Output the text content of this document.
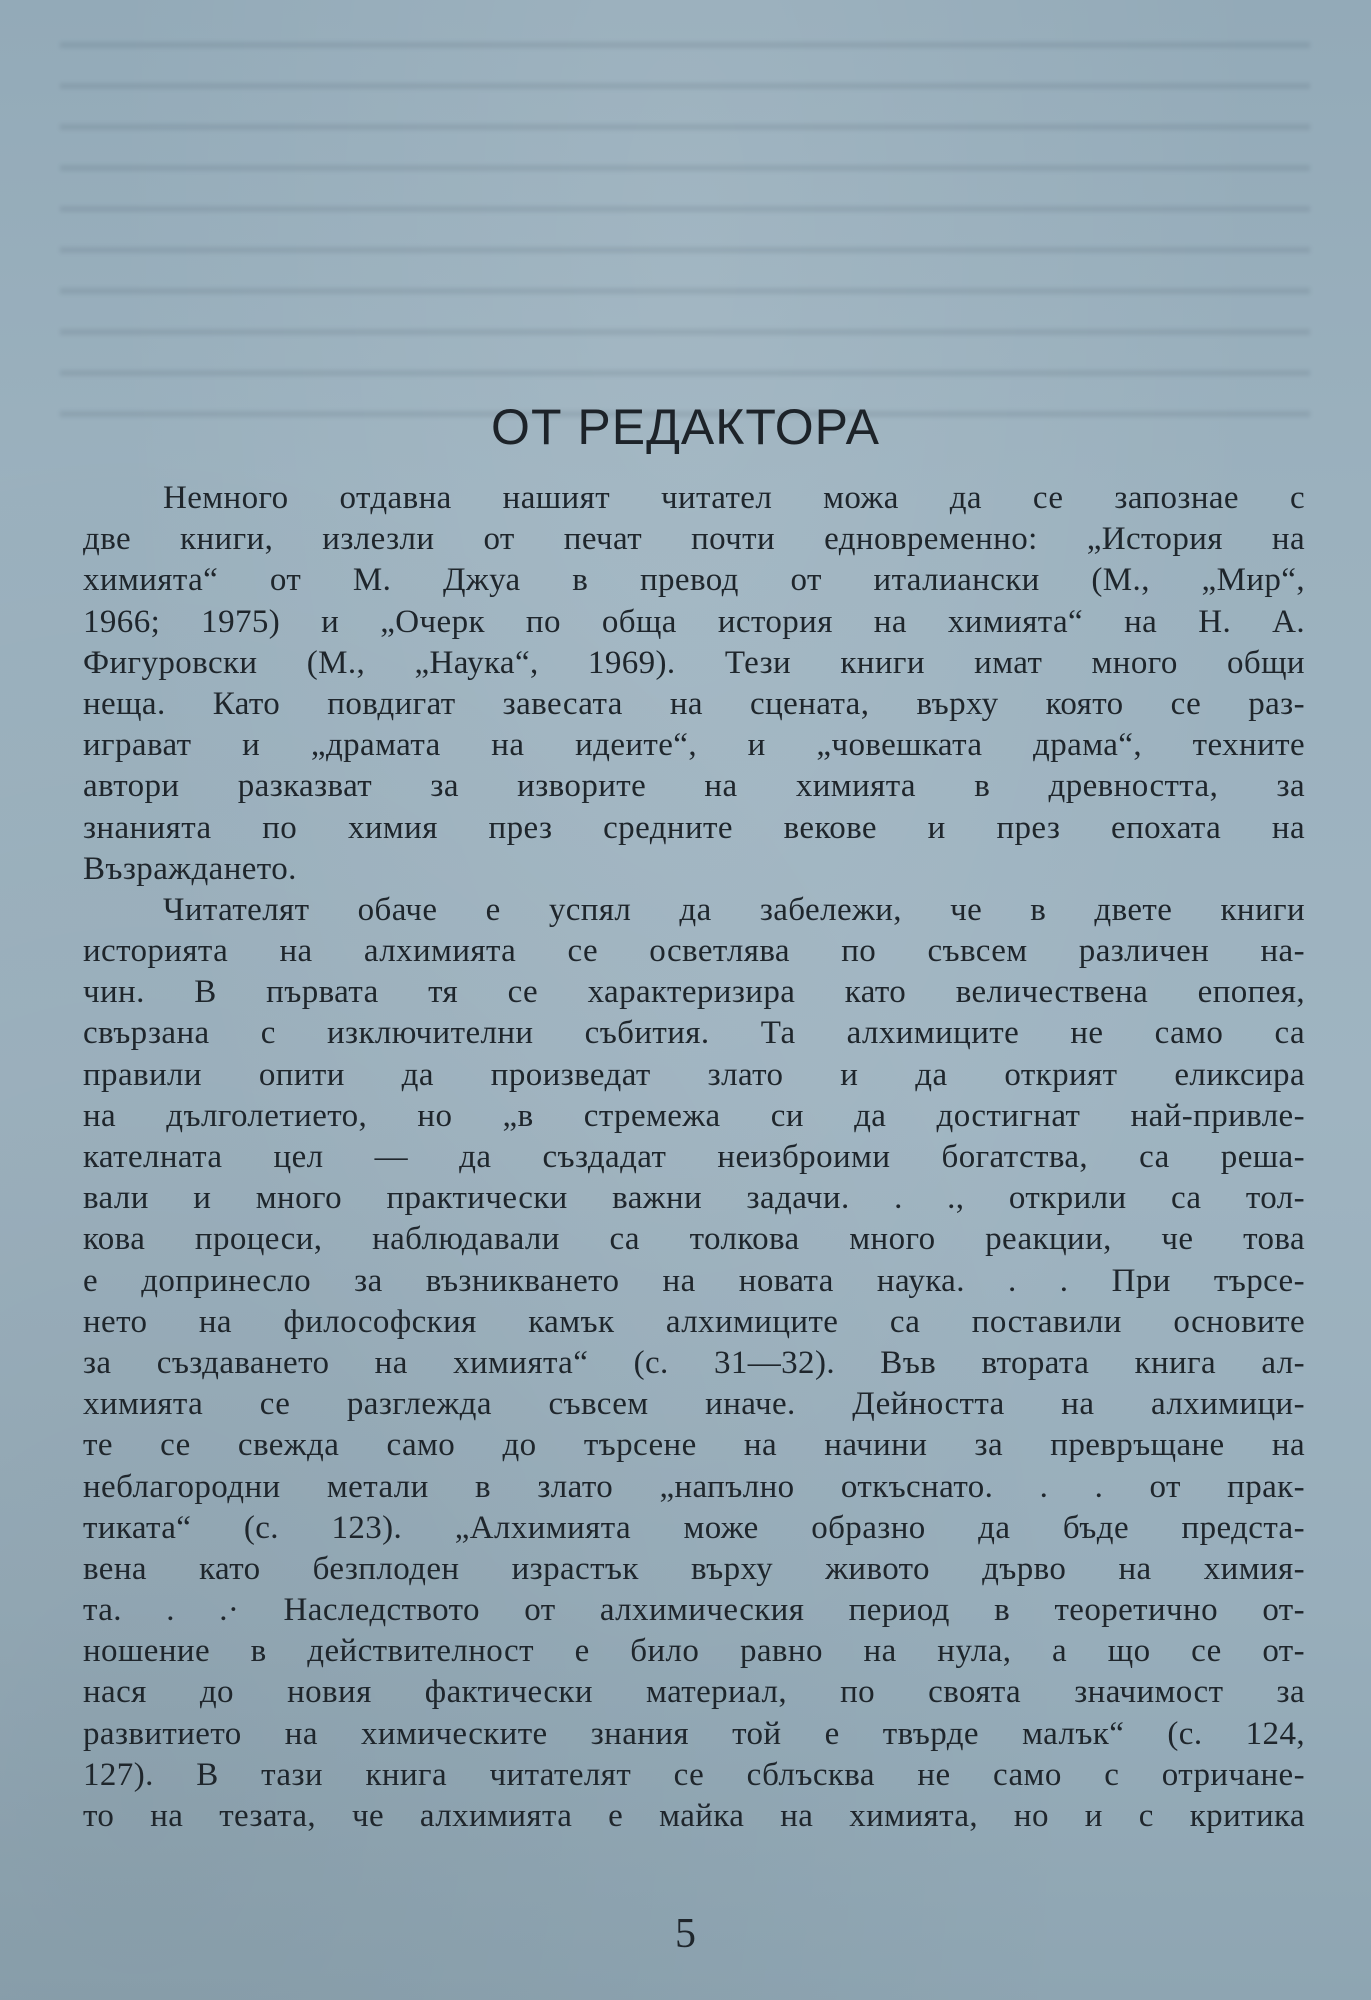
ОТ РЕДАКТОРА
Немного отдавна нашият читател можа да се запознае с
две книги, излезли от печат почти едновременно: „История на
химията“ от М. Джуа в превод от италиански (М., „Мир“,
1966; 1975) и „Очерк по обща история на химията“ на Н. А.
Фигуровски (М., „Наука“, 1969). Тези книги имат много общи
неща. Като повдигат завесата на сцената, върху която се раз-
играват и „драмата на идеите“, и „човешката драма“, техните
автори разказват за изворите на химията в древността, за
знанията по химия през средните векове и през епохата на
Възраждането.
Читателят обаче е успял да забележи, че в двете книги
историята на алхимията се осветлява по съвсем различен на-
чин. В първата тя се характеризира като величествена епопея,
свързана с изключителни събития. Та алхимиците не само са
правили опити да произведат злато и да открият еликсира
на дълголетието, но „в стремежа си да достигнат най-привле-
кателната цел — да създадат неизброими богатства, са реша-
вали и много практически важни задачи. . ., открили са тол-
кова процеси, наблюдавали са толкова много реакции, че това
е допринесло за възникването на новата наука. . . При търсе-
нето на философския камък алхимиците са поставили основите
за създаването на химията“ (с. 31—32). Във втората книга ал-
химията се разглежда съвсем иначе. Дейността на алхимици-
те се свежда само до търсене на начини за превръщане на
неблагородни метали в злато „напълно откъснато. . . от прак-
тиката“ (с. 123). „Алхимията може образно да бъде предста-
вена като безплоден израстък върху живото дърво на химия-
та. . .· Наследството от алхимическия период в теоретично от-
ношение в действителност е било равно на нула, а що се от-
нася до новия фактически материал, по своята значимост за
развитието на химическите знания той е твърде малък“ (с. 124,
127). В тази книга читателят се сблъсква не само с отричане-
то на тезата, че алхимията е майка на химията, но и с критика
5
